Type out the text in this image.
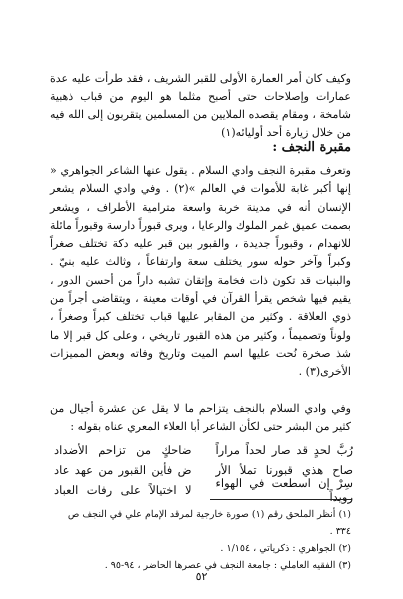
وكيف كان أمر العمارة الأولى للقبر الشريف ، فقد طرأت عليه عدة عمارات وإصلاحات حتى أصبح مثلما هو اليوم من قباب ذهبية شامخة ، ومقام يقصده الملايين من المسلمين يتقربون إلى الله فيه من خلال زيارة أحد أوليائه(١)

مقبرة النجف :

وتعرف مقبرة النجف وادي السلام . يقول عنها الشاعر الجواهري « إنها أكبر غابة للأموات في العالم »(٢) . وفي وادي السلام يشعر الإنسان أنه في مدينة خربة واسعة مترامية الأطراف ، ويشعر بصمت عميق غمر الملوك والرعايا ، ويرى قبوراً دارسة وقبوراً مائلة للانهدام ، وقبوراً جديدة ، والقبور بين قبر عليه دكة تختلف صغراً وكبراً وآخر حوله سور يختلف سعة وارتفاعاً ، وثالث عليه بنيّ . والبنيات قد تكون ذات فخامة وإتقان تشبه داراً من أحسن الدور ، يقيم فيها شخص يقرأ القرآن في أوقات معينة ، ويتقاضى أجراً من ذوي العلاقة . وكثير من المقابر عليها قباب تختلف كبراً وصغراً ، ولوناً وتصميماً ، وكثير من هذه القبور تاريخي ، وعلى كل قبر إلا ما شذ صخرة نُحت عليها اسم الميت وتاريخ وفاته وبعض المميزات الأخرى(٣) .

وفي وادي السلام بالنجف يتزاحم ما لا يقل عن عشرة أجيال من كثير من البشر حتى لكأن الشاعر أبا العلاء المعري عناه بقوله :

رُبَّ لحدٍ قد صار لحداً مراراً
ضاحكٍ من تزاحم الأضداد
صاح هذي قبورنا تملأ الأر
ض فأين القبور من عهد عاد
سِرْ إن اسطعت في الهواء رويداً
لا اختيالاً على رفات العباد
(١) أنظر الملحق رقم (١) صورة خارجية لمرقد الإمام علي في النجف ص ٣٣٤ .
(٢) الجواهري : ذكرياتي ، ١/١٥٤ .
(٣) الفقيه العاملي : جامعة النجف في عصرها الحاضر ، ٩٤-٩٥ .
٥٢
